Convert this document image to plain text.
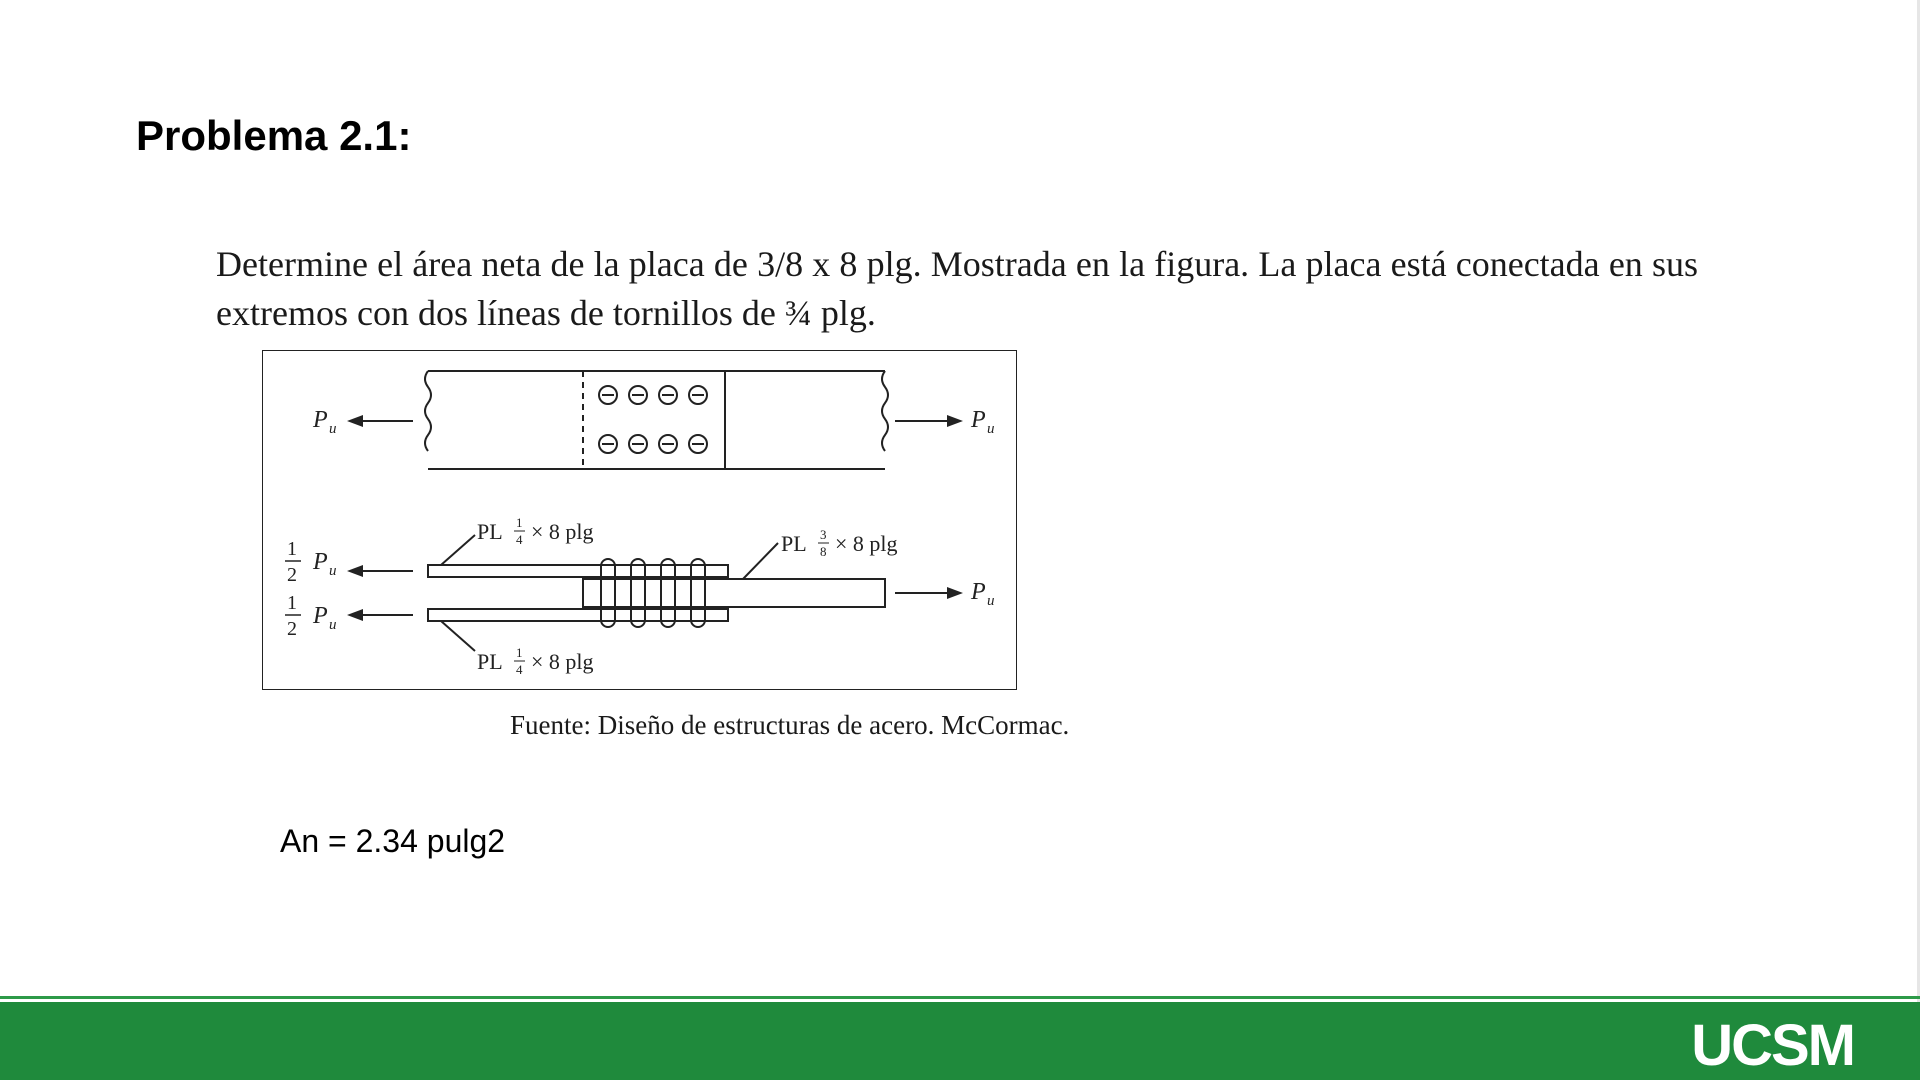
Problema 2.1:
Determine el área neta de la placa de 3/8 x 8 plg. Mostrada en la figura. La placa está conectada en sus extremos con dos líneas de tornillos de ¾ plg.
P u	P u
1
2 P u
1
2 P u
P u
PL 1
4 × 8 plg	PL 3
8 × 8 plg
PL 1
4 × 8 plg
Fuente: Diseño de estructuras de acero. McCormac.
An = 2.34 pulg2
UCSM
